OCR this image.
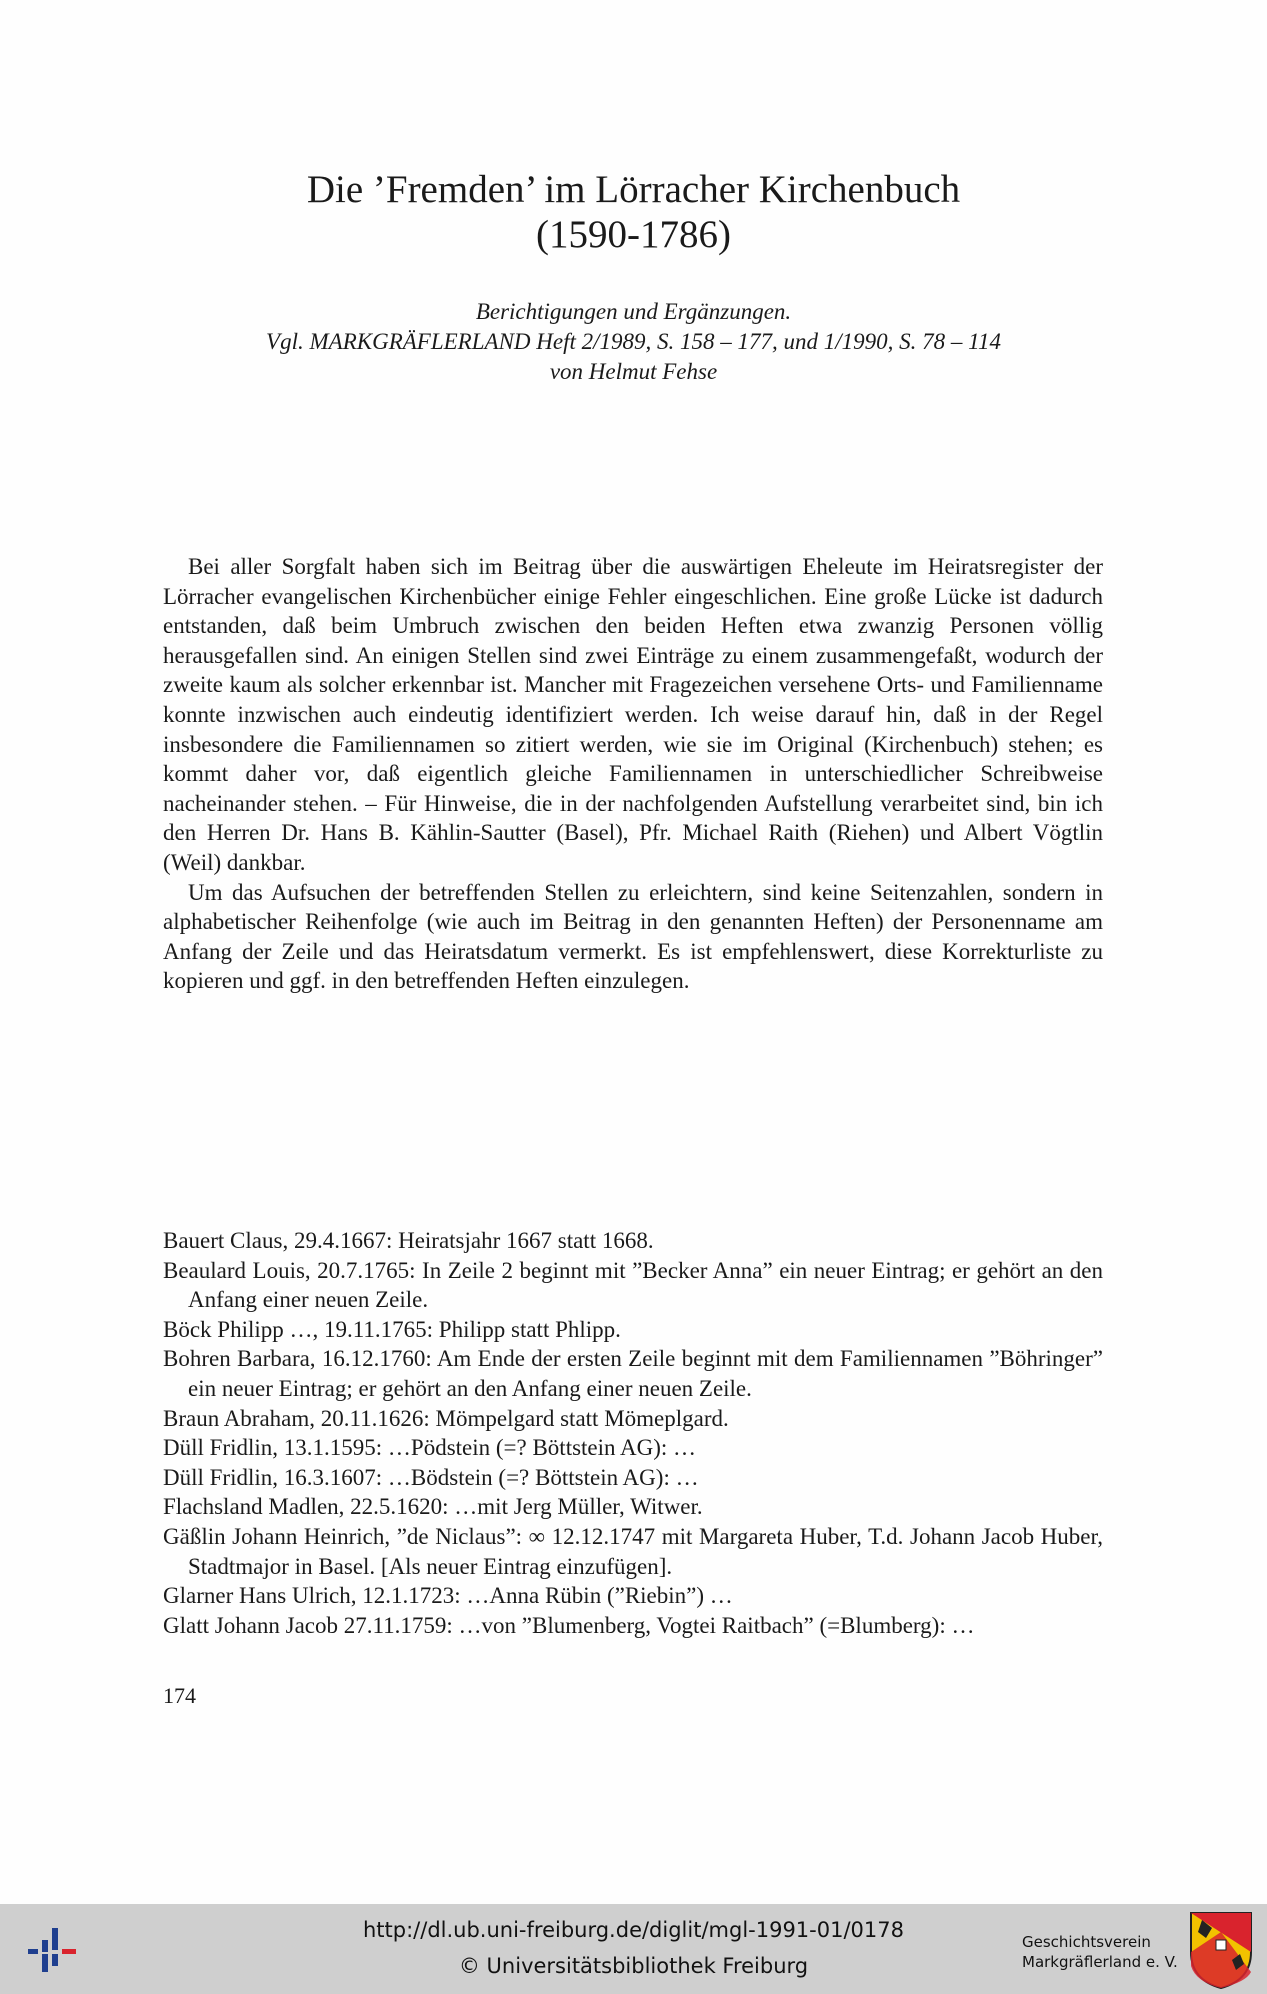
Die ’Fremden’ im Lörracher Kirchenbuch
(1590-1786)
Berichtigungen und Ergänzungen.
Vgl. MARKGRÄFLERLAND Heft 2/1989, S. 158 – 177, und 1/1990, S. 78 – 114
von Helmut Fehse

Bei aller Sorgfalt haben sich im Beitrag über die auswärtigen Eheleute im Heiratsregister der Lörracher evangelischen Kirchenbücher einige Fehler eingeschlichen. Eine große Lücke ist dadurch entstanden, daß beim Umbruch zwischen den beiden Heften etwa zwanzig Personen völlig herausgefallen sind. An einigen Stellen sind zwei Einträge zu einem zusammengefaßt, wodurch der zweite kaum als solcher erkennbar ist. Mancher mit Fragezeichen versehene Orts- und Familienname konnte inzwischen auch eindeutig identifiziert werden. Ich weise darauf hin, daß in der Regel insbesondere die Familiennamen so zitiert werden, wie sie im Original (Kirchenbuch) stehen; es kommt daher vor, daß eigentlich gleiche Familiennamen in unterschiedlicher Schreibweise nacheinander stehen. – Für Hinweise, die in der nachfolgenden Aufstellung verarbeitet sind, bin ich den Herren Dr. Hans B. Kählin-Sautter (Basel), Pfr. Michael Raith (Riehen) und Albert Vögtlin (Weil) dankbar.

Um das Aufsuchen der betreffenden Stellen zu erleichtern, sind keine Seitenzahlen, sondern in alphabetischer Reihenfolge (wie auch im Beitrag in den genannten Heften) der Personenname am Anfang der Zeile und das Heiratsdatum vermerkt. Es ist empfehlenswert, diese Korrekturliste zu kopieren und ggf. in den betreffenden Heften einzulegen.

Bauert Claus, 29.4.1667: Heiratsjahr 1667 statt 1668.
Beaulard Louis, 20.7.1765: In Zeile 2 beginnt mit ”Becker Anna” ein neuer Eintrag; er gehört an den Anfang einer neuen Zeile.
Böck Philipp …, 19.11.1765: Philipp statt Phlipp.
Bohren Barbara, 16.12.1760: Am Ende der ersten Zeile beginnt mit dem Familiennamen ”Böhringer” ein neuer Eintrag; er gehört an den Anfang einer neuen Zeile.
Braun Abraham, 20.11.1626: Mömpelgard statt Mömeplgard.
Düll Fridlin, 13.1.1595: …Pödstein (=? Böttstein AG): …
Düll Fridlin, 16.3.1607: …Bödstein (=? Böttstein AG): …
Flachsland Madlen, 22.5.1620: …mit Jerg Müller, Witwer.
Gäßlin Johann Heinrich, ”de Niclaus”: ∞ 12.12.1747 mit Margareta Huber, T.d. Johann Jacob Huber, Stadtmajor in Basel. [Als neuer Eintrag einzufügen].
Glarner Hans Ulrich, 12.1.1723: …Anna Rübin (”Riebin”) …
Glatt Johann Jacob 27.11.1759: …von ”Blumenberg, Vogtei Raitbach” (=Blumberg): …
174
http://dl.ub.uni-freiburg.de/diglit/mgl-1991-01/0178
© Universitätsbibliothek Freiburg
Geschichtsverein
Markgräflerland e. V.
